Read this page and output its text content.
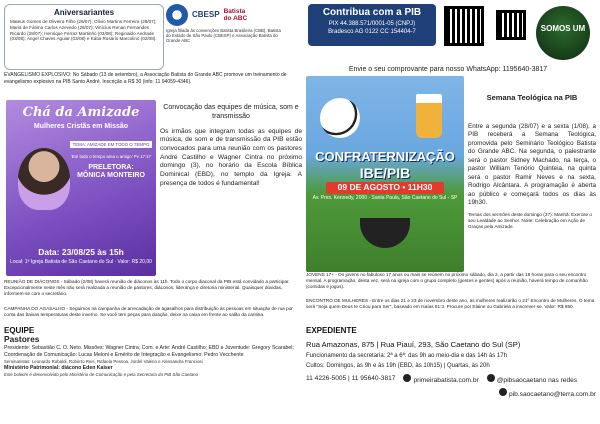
Aniversariantes
Mateus Gomes de Oliveira Filho (28/07); Olívio Martins Ferreira (28/07); Maria de Fátima Carlos Azevedo (28/07); Vinícius Renan Fernandes Ricardo (28/07); Henrique Ferraz Martinho (03/08); Reginaldo Andrade (03/08); Angel Chaves Aguiar (03/08) e Kátia Rosário Marcolino (02/08).
CBESP Batista do ABC
Igreja filiada às convenções Batista Brasileira (CBB); Batista do Estado de São Paulo (CBESP) e Associação Batista do Grande ABC
Contribua com a PIB
PIX 44.388.571/0001-05 (CNPJ)
Bradesco AG 0122 CC 154404-7	SOMOS UM
Envie o seu comprovante para nosso WhatsApp: 1195640-3817
EVANGELISMO EXPLOSIVO: No Sábado (13 de setembro), a Associação Batista do Grande ABC promove um treinamento de evangelismo explosivo na PIB Santo André. Inscrição a R$ 30 (info: 11 94059-4346).
Chá da Amizade
Mulheres Cristãs em Missão
TEMA: AMIZADE EM TODO O TEMPO
'Em todo o tempo ama o amigo' Pv 17:17
PRELETORA:
MÔNICA MONTEIRO
Data: 23/08/25 às 15h
Local: 1ª Igreja Batista de São Caetano do Sul · Valor: R$ 20,00
Convocação das equipes de música, som e transmissão
Os irmãos que integram todas as equipes de música, de som e de transmissão da PIB estão convocados para uma reunião com os pastores André Castilho e Wagner Cintra no próximo domingo (3), no horário da Escola Bíblica Dominical (EBD), no templo da Igreja. A presença de todos é fundamental!
REUNIÃO DE DIÁCONOS - Sábado (2/08) haverá reunião de diáconos às 11h. Todo o corpo diaconal da PIB está convidado a participar. Excepcionalmente neste mês não será realizada a reunião de pastores, diáconos, liderança e diretoria ministerial. Quaisquer dúvidas, informem-se com o secretário.
CAMPANHA DO AGASALHO - Seguimos na campanha de arrecadação de agasalhos para distribuição às pessoas em situação de rua por conta das baixas temperaturas deste inverno. Se você tem peças para doação, deixe na caixa em frente ao salão da cantina.
EQUIPE
Pastores
Presidente: Sebastião C. O. Neto. Missões: Wagner Cintra; Com. e Arte: André Castilho; EBD e Juventude: Gregory Scarabel; Coordenação de Comunicação: Lucas Meloni e Emérito de Integração e Evangelismo: Pedro Vecchente
Seminaristas: Leonardo Robaldi, Roberto Reis, Rafaela Pessoa, Jordel Valério e Alessandra Franciosi
Ministério Patrimonial: diácono Eden Kaiser
Este boletim é desenvolvido pelo Ministério de Comunicação e pela Secretaria da PIB São Caetano
CONFRATERNIZAÇÃO
IBE/PIB
09 DE AGOSTO • 11H30
Av. Pres. Kennedy, 2000 - Santa Paula, São Caetano do Sul - SP
Semana Teológica na PIB
Entre a segunda (28/07) e a sexta (1/08), a PIB receberá a Semana Teológica, promovida pelo Seminário Teológico Batista do Grande ABC. Na segunda, o palestrante será o pastor Sidney Machado, na terça, o pastor William Tenório Quinteia, na quinta será o pastor Ramir Neves e na sexta, Rodrigo Alcântara. A programação é aberta ao público e começará todos os dias às 19h30.
Temas dos sermões deste domingo (27): Manhã: Exercite o seu Lealdade ao Senhor. Noite: Celebração em Ação de Graças pela Amizade.
JOVENS 17+ - Os jovens no fabuloso 17 anos ou mais se reúnem no próximo sábado, dia 2, a partir das 18 horas para o seu encontro mensal. A programação, desta vez, será na igreja com o grupo completo (gentes e gentes) após a reunião, haverá tempo de comunhão (comidas e jogos).
ENCONTRO DE MULHERES - Entre os dias 21 e 23 de novembro deste ano, as mulheres realizarão o 21º Encontro de Mulheres. O tema será "Seja quem Deus te Criou para Ser", baseado em Isaías 61:3. Procure por Elaine ou Gabriela a inscrever-se. Valor: R$ 850.
EXPEDIENTE
Rua Amazonas, 875 | Rua Piauí, 293, São Caetano do Sul (SP)
Funcionamento da secretaria: 2ª a 6ª: das 9h ao meio-dia e das 14h às 17h
Cultos: Domingos, às 9h e às 19h (EBD, às 10h15) | Quartas, às 20h
11 4226-5005 | 11 95640-3817	primeirabatista.com.br	@pibsaocaetano nas redes
pib.saocaetano@terra.com.br
